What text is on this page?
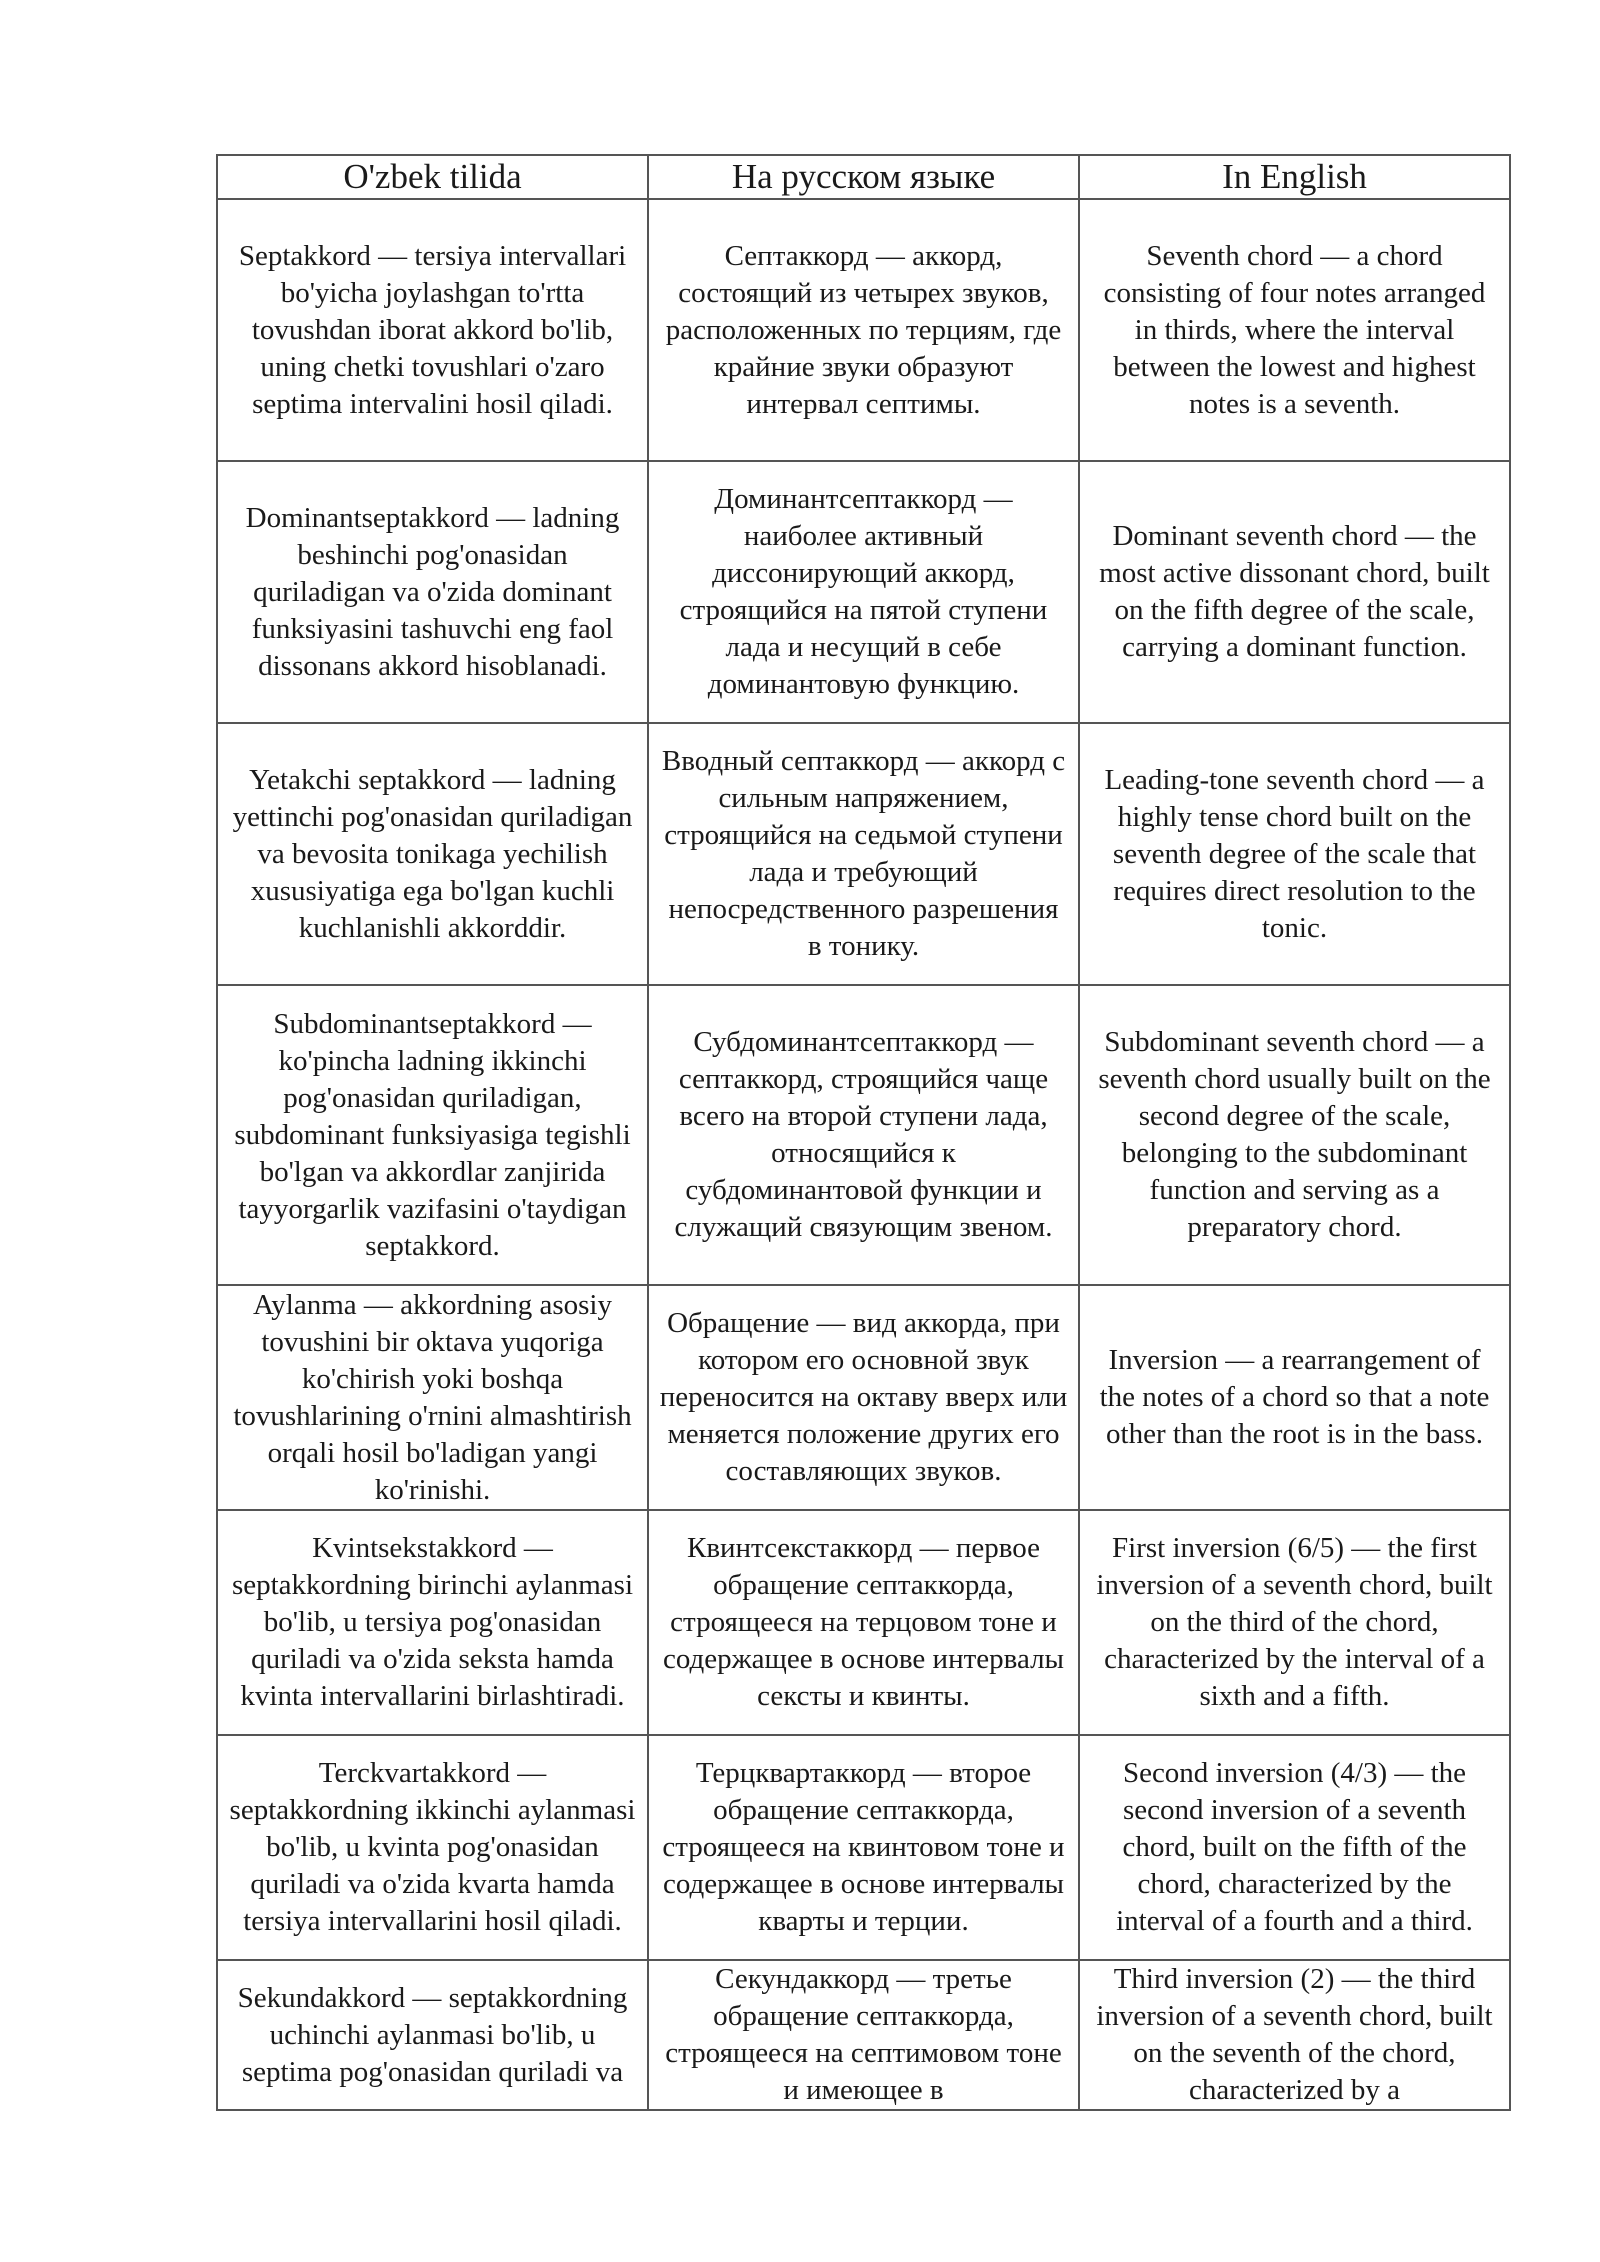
O'zbek tilida	На русском языке	In English
Septakkord — tersiya intervallari bo'yicha joylashgan to'rtta tovushdan iborat akkord bo'lib, uning chetki tovushlari o'zaro septima intervalini hosil qiladi.	Септаккорд — аккорд, состоящий из четырех звуков, расположенных по терциям, где крайние звуки образуют интервал септимы.	Seventh chord — a chord consisting of four notes arranged in thirds, where the interval between the lowest and highest notes is a seventh.
Dominantseptakkord — ladning beshinchi pog'onasidan quriladigan va o'zida dominant funksiyasini tashuvchi eng faol dissonans akkord hisoblanadi.	Доминантсептаккорд — наиболее активный диссонирующий аккорд, строящийся на пятой ступени лада и несущий в себе доминантовую функцию.	Dominant seventh chord — the most active dissonant chord, built on the fifth degree of the scale, carrying a dominant function.
Yetakchi septakkord — ladning yettinchi pog'onasidan quriladigan va bevosita tonikaga yechilish xususiyatiga ega bo'lgan kuchli kuchlanishli akkorddir.	Вводный септаккорд — аккорд с сильным напряжением, строящийся на седьмой ступени лада и требующий непосредственного разрешения в тонику.	Leading-tone seventh chord — a highly tense chord built on the seventh degree of the scale that requires direct resolution to the tonic.
Subdominantseptakkord — ko'pincha ladning ikkinchi pog'onasidan quriladigan, subdominant funksiyasiga tegishli bo'lgan va akkordlar zanjirida tayyorgarlik vazifasini o'taydigan septakkord.	Субдоминантсептаккорд — септаккорд, строящийся чаще всего на второй ступени лада, относящийся к субдоминантовой функции и служащий связующим звеном.	Subdominant seventh chord — a seventh chord usually built on the second degree of the scale, belonging to the subdominant function and serving as a preparatory chord.
Aylanma — akkordning asosiy tovushini bir oktava yuqoriga ko'chirish yoki boshqa tovushlarining o'rnini almashtirish orqali hosil bo'ladigan yangi ko'rinishi.	Обращение — вид аккорда, при котором его основной звук переносится на октаву вверх или меняется положение других его составляющих звуков.	Inversion — a rearrangement of the notes of a chord so that a note other than the root is in the bass.
Kvintsekstakkord — septakkordning birinchi aylanmasi bo'lib, u tersiya pog'onasidan quriladi va o'zida seksta hamda kvinta intervallarini birlashtiradi.	Квинтсекстаккорд — первое обращение септаккорда, строящееся на терцовом тоне и содержащее в основе интервалы сексты и квинты.	First inversion (6/5) — the first inversion of a seventh chord, built on the third of the chord, characterized by the interval of a sixth and a fifth.
Terckvartakkord — septakkordning ikkinchi aylanmasi bo'lib, u kvinta pog'onasidan quriladi va o'zida kvarta hamda tersiya intervallarini hosil qiladi.	Терцквартаккорд — второе обращение септаккорда, строящееся на квинтовом тоне и содержащее в основе интервалы кварты и терции.	Second inversion (4/3) — the second inversion of a seventh chord, built on the fifth of the chord, characterized by the interval of a fourth and a third.
Sekundakkord — septakkordning uchinchi aylanmasi bo'lib, u septima pog'onasidan quriladi va	Секундаккорд — третье обращение септаккорда, строящееся на септимовом тоне и имеющее в	Third inversion (2) — the third inversion of a seventh chord, built on the seventh of the chord, characterized by a
